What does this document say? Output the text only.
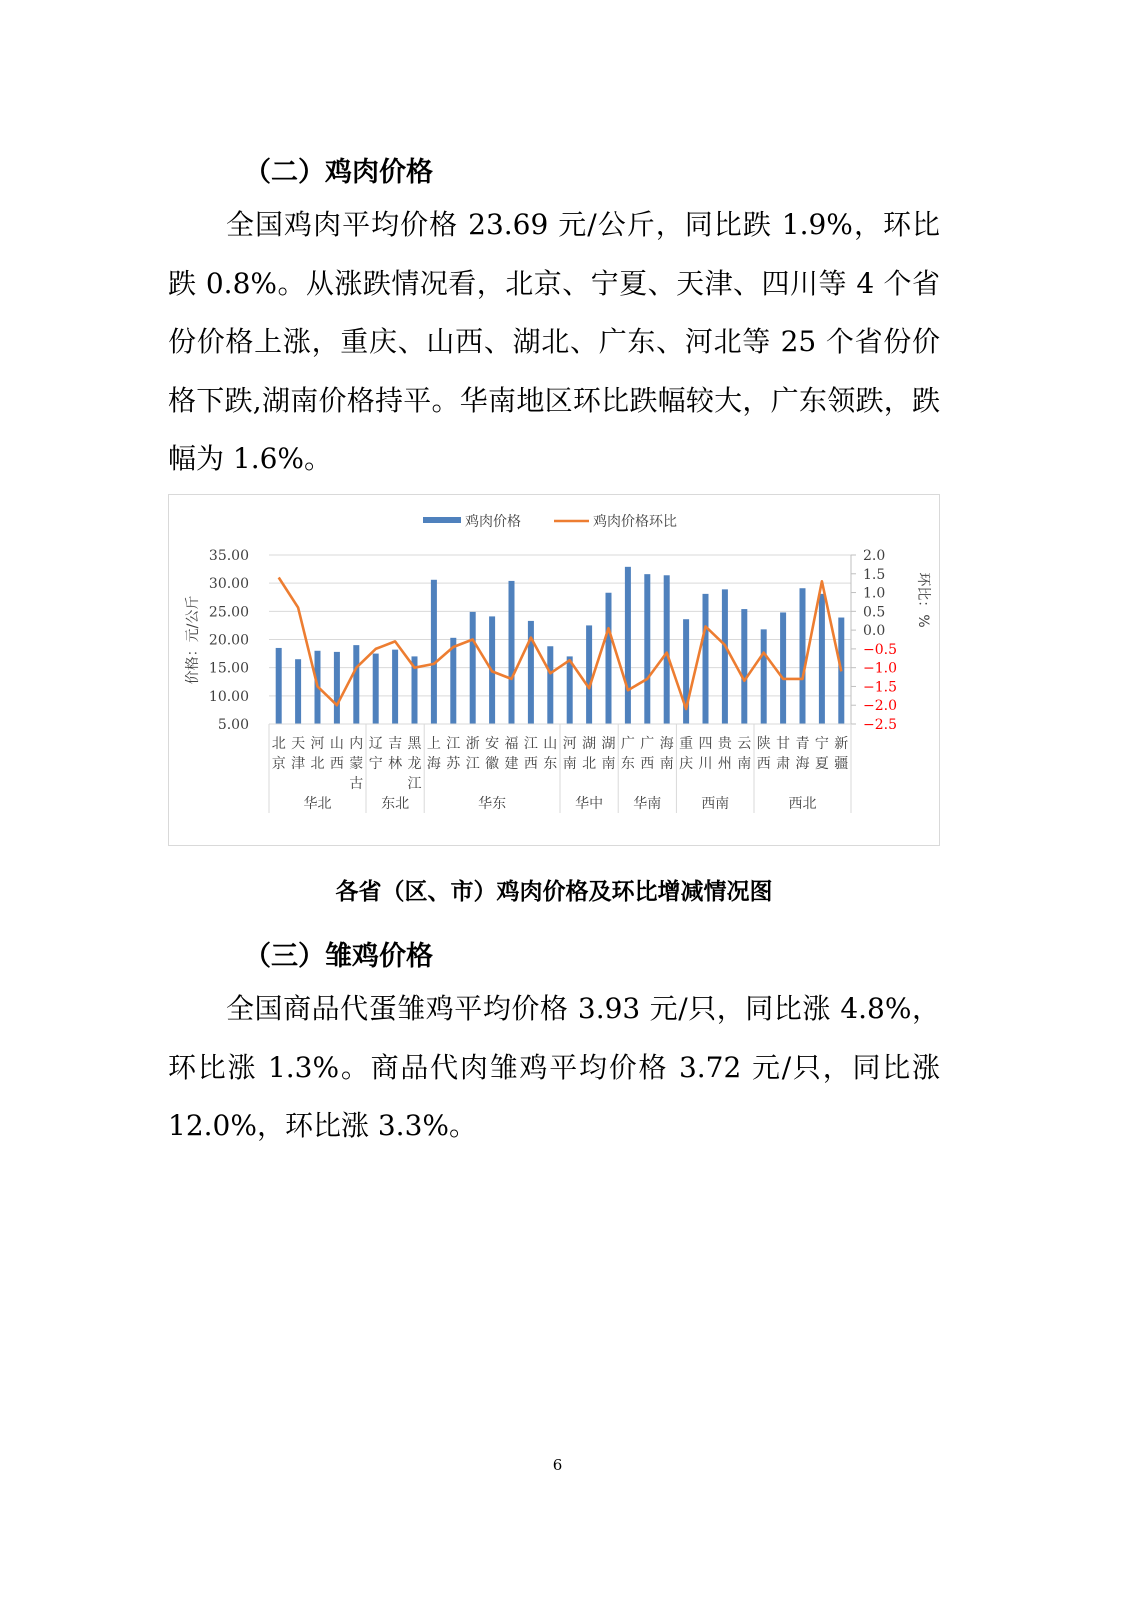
（二）鸡肉价格

全国鸡肉平均价格 23.69 元/公斤，同比跌 1.9%，环比跌 0.8%。从涨跌情况看，北京、宁夏、天津、四川等 4 个省份价格上涨，重庆、山西、湖北、广东、河北等 25 个省份价格下跌,湖南价格持平。华南地区环比跌幅较大，广东领跌，跌幅为 1.6%。

35.00
30.00
25.00
20.00
15.00
10.00
5.00
2.0
1.5
1.0
0.5
0.0
−0.5
−1.0
−1.5
−2.0
−2.5
价格：元/公斤	环比：%
北
京
天
津
河
北
山
西
内
蒙
古
辽
宁
吉
林
黑
龙
江
上
海
江
苏
浙
江
安
徽
福
建
江
西
山
东
河
南
湖
北
湖
南
广
东
广
西
海
南
重
庆
四
川
贵
州
云
南
陕
西
甘
肃
青
海
宁
夏
新
疆
华北	东北	华东	华中 华南	西南	西北
鸡肉价格	鸡肉价格环比
各省（区、市）鸡肉价格及环比增减情况图
（三）雏鸡价格

全国商品代蛋雏鸡平均价格 3.93 元/只，同比涨 4.8%，环比涨 1.3%。商品代肉雏鸡平均价格 3.72 元/只，同比涨 12.0%，环比涨 3.3%。

6
